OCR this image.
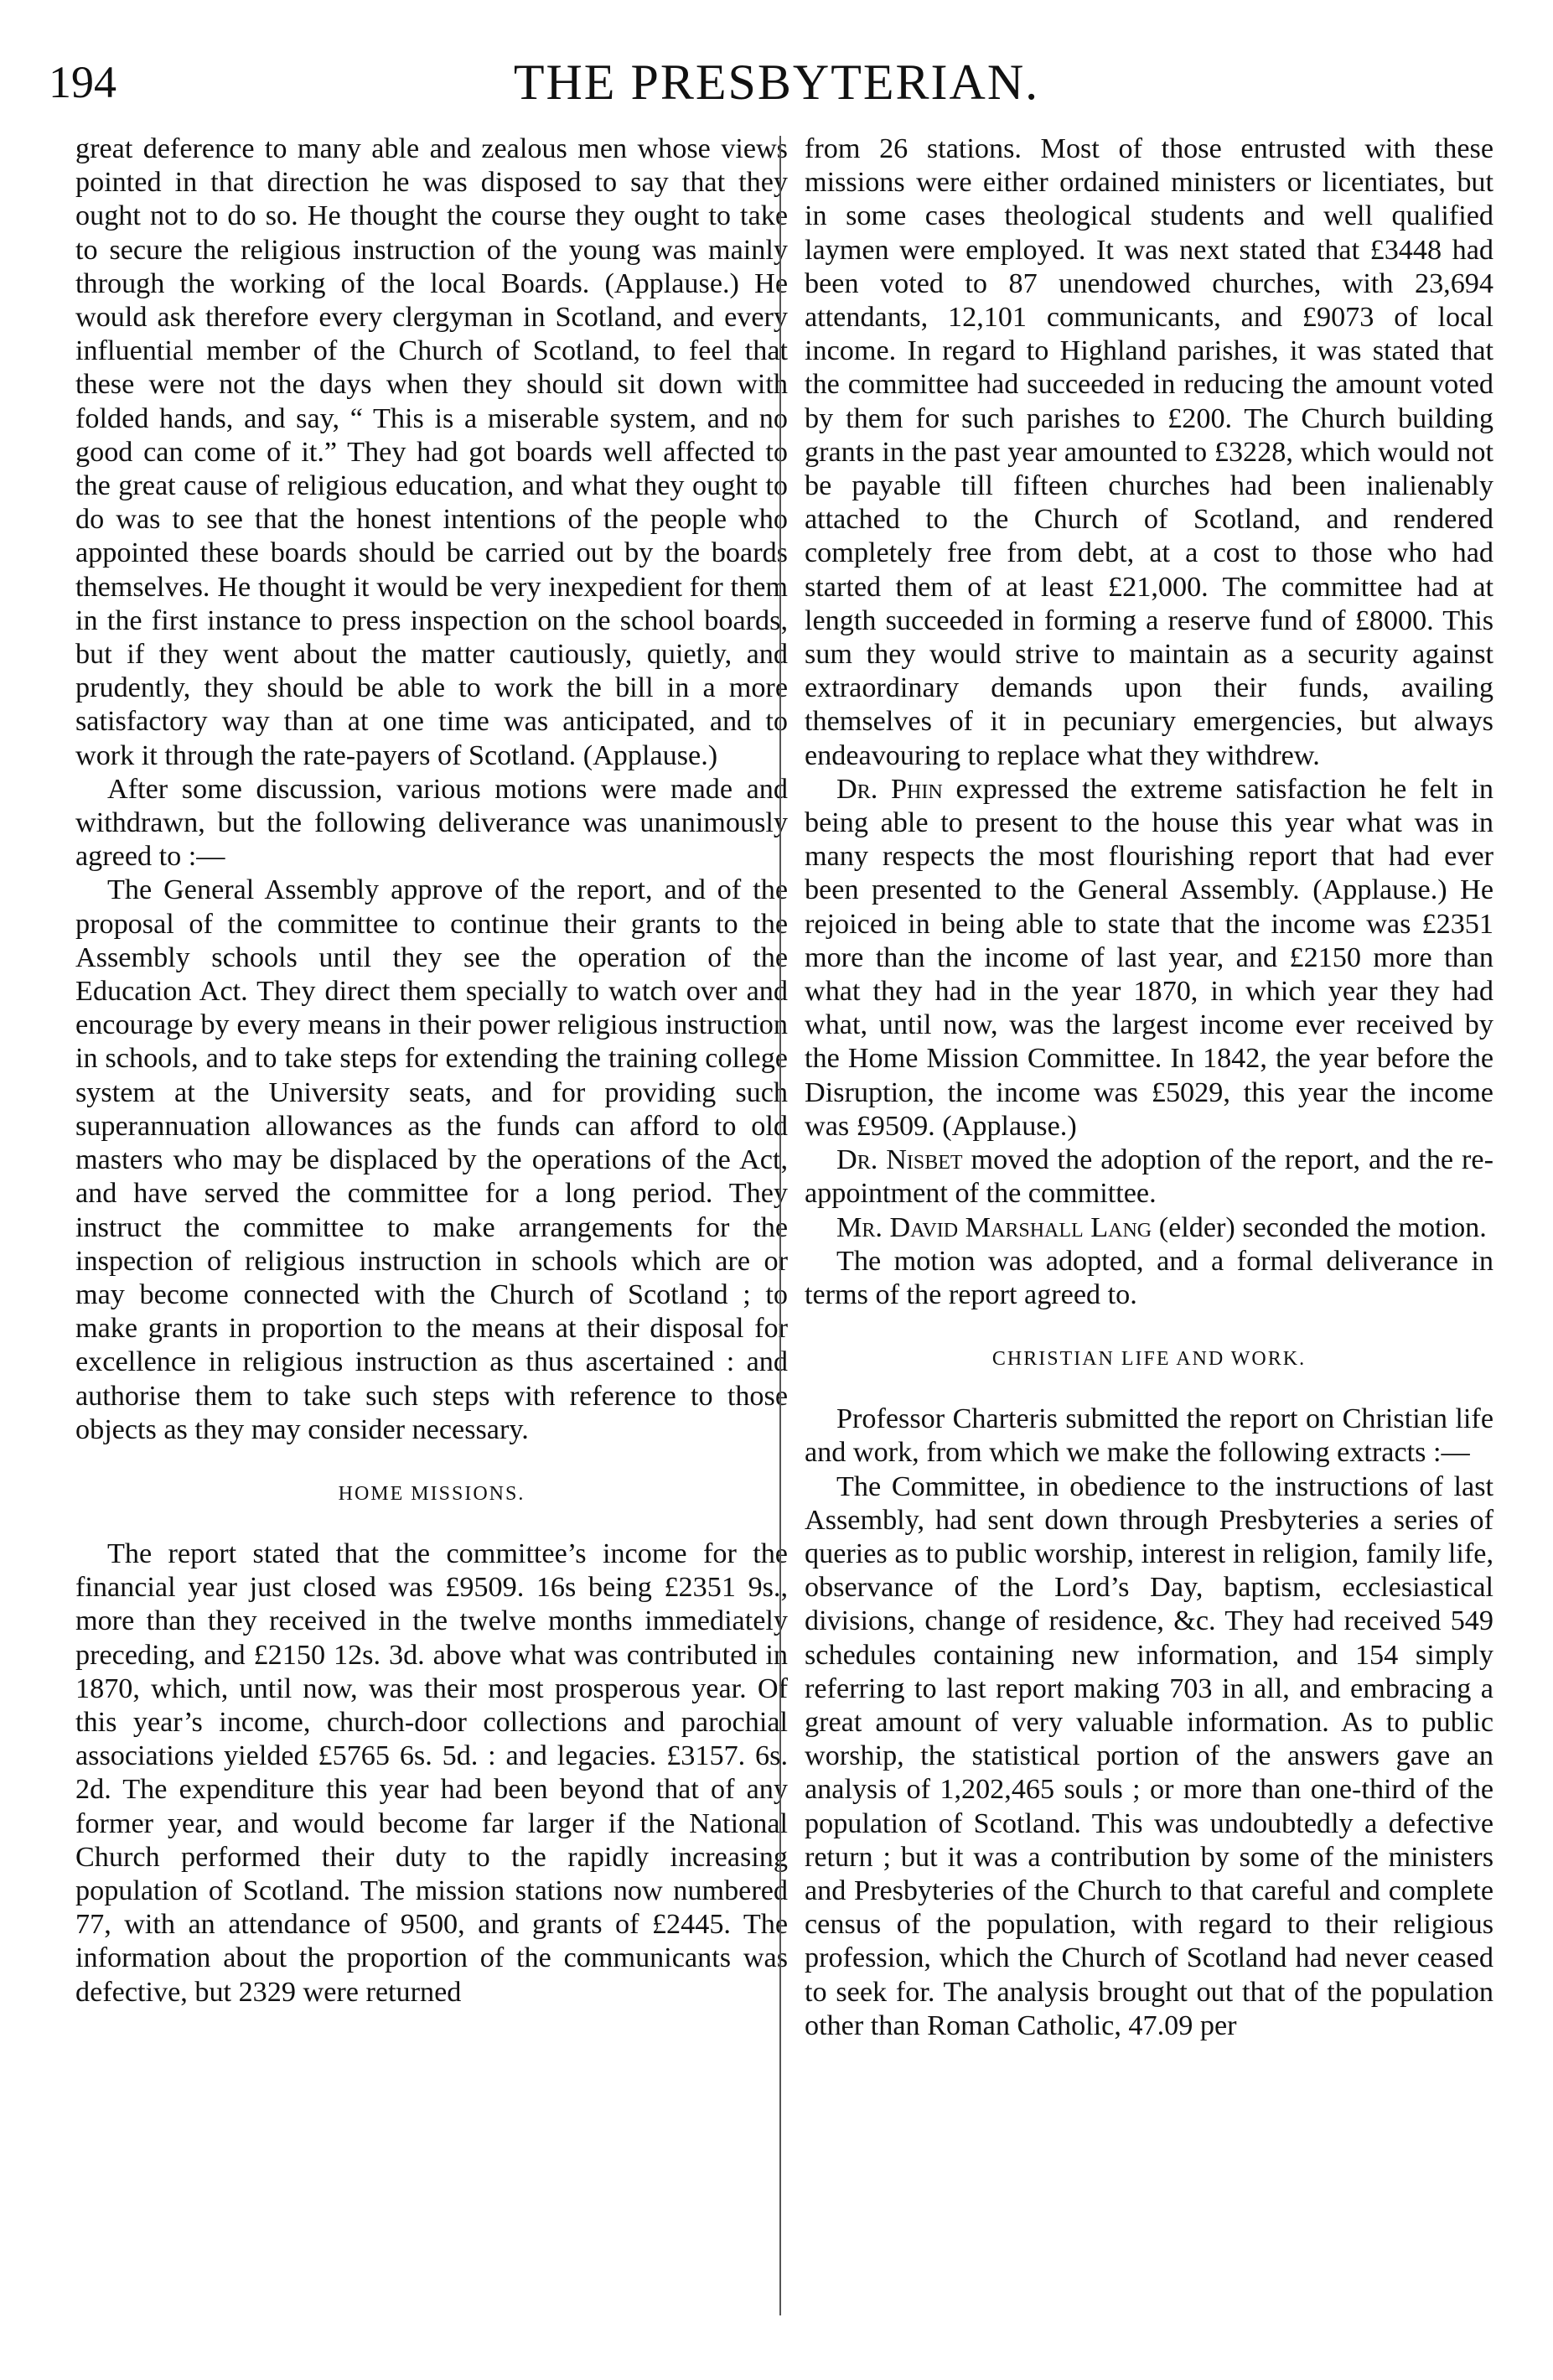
194	THE PRESBYTERIAN.

great deference to many able and zealous men whose views pointed in that direction he was disposed to say that they ought not to do so. He thought the course they ought to take to secure the religious instruction of the young was mainly through the working of the local Boards. (Applause.) He would ask therefore every clergyman in Scotland, and every influential member of the Church of Scotland, to feel that these were not the days when they should sit down with folded hands, and say, “ This is a miserable system, and no good can come of it.” They had got boards well affected to the great cause of religious education, and what they ought to do was to see that the honest intentions of the people who appointed these boards should be carried out by the boards themselves. He thought it would be very inexpedient for them in the first instance to press inspection on the school boards, but if they went about the matter cautiously, quietly, and prudently, they should be able to work the bill in a more satisfactory way than at one time was anticipated, and to work it through the rate-payers of Scotland. (Applause.)

After some discussion, various motions were made and withdrawn, but the following deliverance was unanimously agreed to :—

The General Assembly approve of the report, and of the proposal of the committee to continue their grants to the Assembly schools until they see the operation of the Education Act. They direct them specially to watch over and encourage by every means in their power religious instruction in schools, and to take steps for extending the training college system at the University seats, and for providing such superannuation allowances as the funds can afford to old masters who may be displaced by the operations of the Act, and have served the committee for a long period. They instruct the committee to make arrangements for the inspection of religious instruction in schools which are or may become connected with the Church of Scotland ; to make grants in proportion to the means at their disposal for excellence in religious instruction as thus ascertained : and authorise them to take such steps with reference to those objects as they may consider necessary.

HOME MISSIONS.

The report stated that the committee’s income for the financial year just closed was £9509. 16s being £2351 9s., more than they received in the twelve months immediately preceding, and £2150 12s. 3d. above what was contributed in 1870, which, until now, was their most prosperous year. Of this year’s income, church-door collections and parochial associations yielded £5765 6s. 5d. : and legacies. £3157. 6s. 2d. The expenditure this year had been beyond that of any former year, and would become far larger if the National Church performed their duty to the rapidly increasing population of Scotland. The mission stations now numbered 77, with an attendance of 9500, and grants of £2445. The information about the proportion of the communicants was defective, but 2329 were returned

from 26 stations. Most of those entrusted with these missions were either ordained ministers or licentiates, but in some cases theological students and well qualified laymen were employed. It was next stated that £3448 had been voted to 87 unendowed churches, with 23,694 attendants, 12,101 communicants, and £9073 of local income. In regard to Highland parishes, it was stated that the committee had succeeded in reducing the amount voted by them for such parishes to £200. The Church building grants in the past year amounted to £3228, which would not be payable till fifteen churches had been inalienably attached to the Church of Scotland, and rendered completely free from debt, at a cost to those who had started them of at least £21,000. The committee had at length succeeded in forming a reserve fund of £8000. This sum they would strive to maintain as a security against extraordinary demands upon their funds, availing themselves of it in pecuniary emergencies, but always endeavouring to replace what they withdrew.

Dr. Phin expressed the extreme satisfaction he felt in being able to present to the house this year what was in many respects the most flourishing report that had ever been presented to the General Assembly. (Applause.) He rejoiced in being able to state that the income was £2351 more than the income of last year, and £2150 more than what they had in the year 1870, in which year they had what, until now, was the largest income ever received by the Home Mission Committee. In 1842, the year before the Disruption, the income was £5029, this year the income was £9509. (Applause.)

Dr. Nisbet moved the adoption of the report, and the re-appointment of the committee.

Mr. David Marshall Lang (elder) seconded the motion.

The motion was adopted, and a formal deliverance in terms of the report agreed to.

CHRISTIAN LIFE AND WORK.

Professor Charteris submitted the report on Christian life and work, from which we make the following extracts :—

The Committee, in obedience to the instructions of last Assembly, had sent down through Presbyteries a series of queries as to public worship, interest in religion, family life, observance of the Lord’s Day, baptism, ecclesiastical divisions, change of residence, &c. They had received 549 schedules containing new information, and 154 simply referring to last report making 703 in all, and embracing a great amount of very valuable information. As to public worship, the statistical portion of the answers gave an analysis of 1,202,465 souls ; or more than one-third of the population of Scotland. This was undoubtedly a defective return ; but it was a contribution by some of the ministers and Presbyteries of the Church to that careful and complete census of the population, with regard to their religious profession, which the Church of Scotland had never ceased to seek for. The analysis brought out that of the population other than Roman Catholic, 47.09 per
